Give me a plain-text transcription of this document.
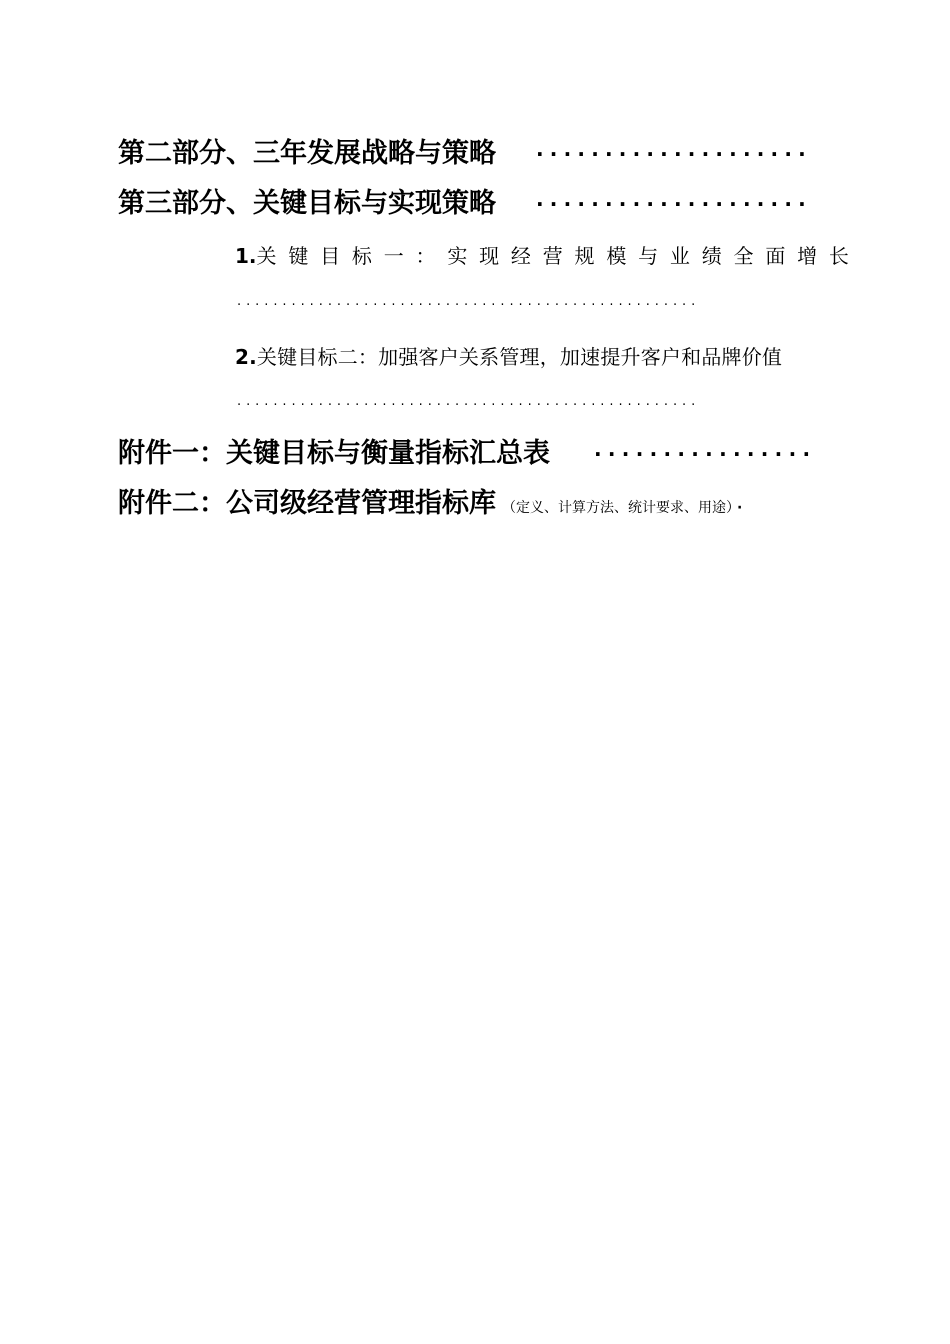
第二部分、三年发展战略与策略 ....................
第三部分、关键目标与实现策略 ....................
1.关键目标一：实现经营规模与业绩全面增长
...................................................
2.关键目标二：加强客户关系管理，加速提升客户和品牌价值
...................................................
附件一：关键目标与衡量指标汇总表 ................
附件二：公司级经营管理指标库 （定义、计算方法、统计要求、用途） ·
